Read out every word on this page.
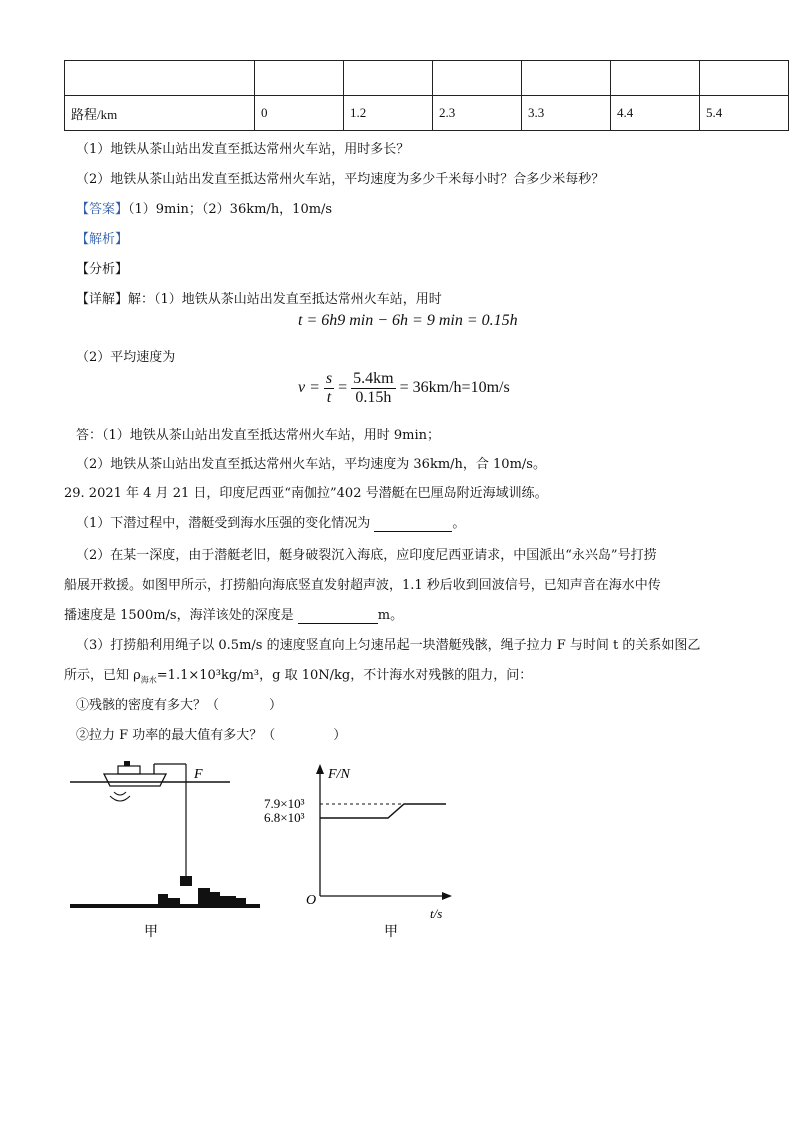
路程/km	0	1.2	2.3	3.3	4.4	5.4
（1）地铁从茶山站出发直至抵达常州火车站，用时多长？
（2）地铁从茶山站出发直至抵达常州火车站，平均速度为多少千米每小时？合多少米每秒？
【答案】（1）9min；（2）36km/h，10m/s
【解析】
【分析】
【详解】解：（1）地铁从茶山站出发直至抵达常州火车站，用时
t = 6h9 min − 6h = 9 min = 0.15h
（2）平均速度为
$v = \frac{s}{t} = \frac{5.4km}{0.15h} = 36km/h=10m/s$
答：（1）地铁从茶山站出发直至抵达常州火车站，用时 9min；
（2）地铁从茶山站出发直至抵达常州火车站，平均速度为 36km/h，合 10m/s。
29. 2021 年 4 月 21 日，印度尼西亚“南伽拉”402 号潜艇在巴厘岛附近海域训练。
（1）下潜过程中，潜艇受到海水压强的变化情况为	。
（2）在某一深度，由于潜艇老旧，艇身破裂沉入海底，应印度尼西亚请求，中国派出“永兴岛”号打捞
船展开救援。如图甲所示，打捞船向海底竖直发射超声波，1.1 秒后收到回波信号，已知声音在海水中传
播速度是 1500m/s，海洋该处的深度是	m。
（3）打捞船利用绳子以 0.5m/s 的速度竖直向上匀速吊起一块潜艇残骸，绳子拉力 F 与时间 t 的关系如图乙
所示，已知 $\rho_{海水}=1.1\times 10^3kg/m^3$，g 取 10N/kg，不计海水对残骸的阻力，问：
①残骸的密度有多大？（	）
②拉力 F 功率的最大值有多大？（	）
F
甲
F/N
7.9×10³
6.8×10³
O
t/s
甲
